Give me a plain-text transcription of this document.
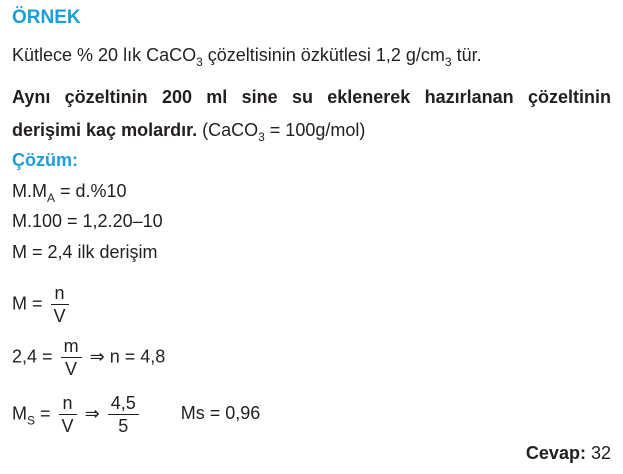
ÖRNEK
Kütlece % 20 lık CaCO$_3$ çözeltisinin özkütlesi 1,2 $g/cm_3$ tür.
Aynı çözeltinin 200 ml sine su eklenerek hazırlanan çözeltinin
derişimi kaç molardır. (CaCO$_3$ = 100g/mol)
Çözüm:
$M.M_A = d.\%10$
M.100 = 1,2.20–10
M = 2,4 ilk derişim
$M = \frac{n}{V}$
$2,4 = \frac{m}{V}$ ⇒ n = 4,8
$M_S = \frac{n}{V}$ ⇒ $\frac{4,5}{5}$ Ms = 0,96
Cevap: 32
